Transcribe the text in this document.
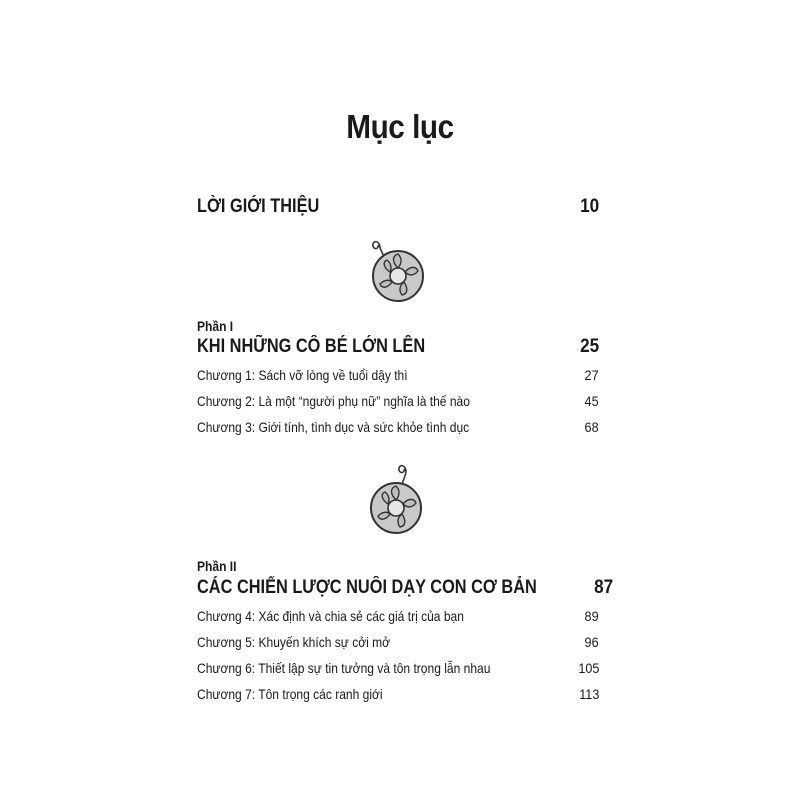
Mục lục
LỜI GIỚI THIỆU	10
Phần I
KHI NHỮNG CÔ BÉ LỚN LÊN	25
Chương 1: Sách vỡ lòng về tuổi dậy thì	27
Chương 2: Là một “người phụ nữ” nghĩa là thế nào	45
Chương 3: Giới tính, tình dục và sức khỏe tình dục	68
Phần II
CÁC CHIẾN LƯỢC NUÔI DẠY CON CƠ BẢN	87
Chương 4: Xác định và chia sẻ các giá trị của bạn	89
Chương 5: Khuyến khích sự cởi mở	96
Chương 6: Thiết lập sự tin tưởng và tôn trọng lẫn nhau	105
Chương 7: Tôn trọng các ranh giới	113
